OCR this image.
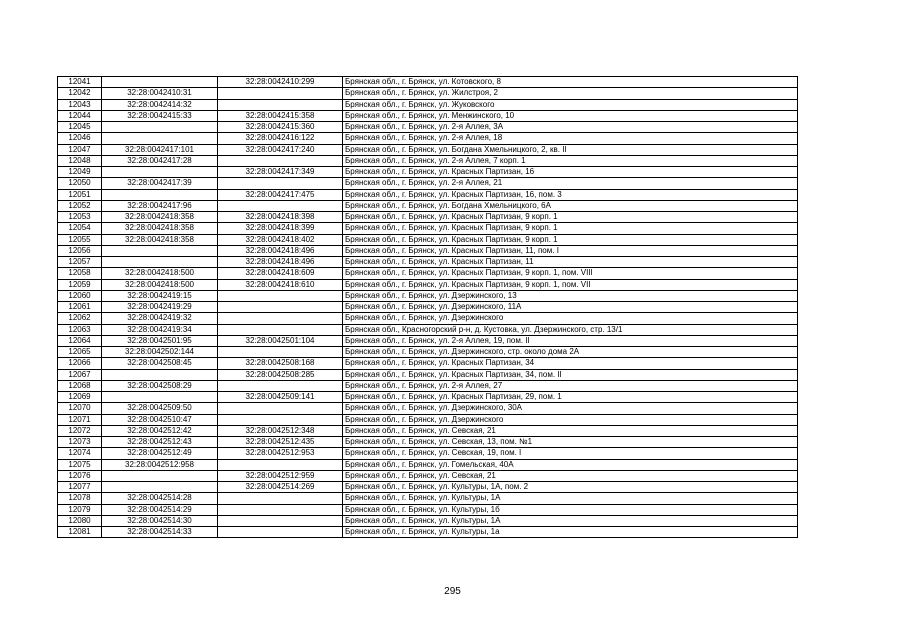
12041		32:28:0042410:299	Брянская обл., г. Брянск, ул. Котовского, 8
12042	32:28:0042410:31		Брянская обл., г. Брянск, ул. Жилстроя, 2
12043	32:28:0042414:32		Брянская обл., г. Брянск, ул. Жуковского
12044	32:28:0042415:33	32:28:0042415:358	Брянская обл., г. Брянск, ул. Менжинского, 10
12045		32:28:0042415:360	Брянская обл., г. Брянск, ул. 2-я Аллея, 3А
12046		32:28:0042416:122	Брянская обл., г. Брянск, ул. 2-я Аллея, 18
12047	32:28:0042417:101	32:28:0042417:240	Брянская обл., г. Брянск, ул. Богдана Хмельницкого, 2, кв. II
12048	32:28:0042417:28		Брянская обл., г. Брянск, ул. 2-я Аллея, 7 корп. 1
12049		32:28:0042417:349	Брянская обл., г. Брянск, ул. Красных Партизан, 16
12050	32:28:0042417:39		Брянская обл., г. Брянск, ул. 2-я Аллея, 21
12051		32:28:0042417:475	Брянская обл., г. Брянск, ул. Красных Партизан, 16, пом. 3
12052	32:28:0042417:96		Брянская обл., г. Брянск, ул. Богдана Хмельницкого, 6А
12053	32:28:0042418:358	32:28:0042418:398	Брянская обл., г. Брянск, ул. Красных Партизан, 9 корп. 1
12054	32:28:0042418:358	32:28:0042418:399	Брянская обл., г. Брянск, ул. Красных Партизан, 9 корп. 1
12055	32:28:0042418:358	32:28:0042418:402	Брянская обл., г. Брянск, ул. Красных Партизан, 9 корп. 1
12056		32:28:0042418:496	Брянская обл., г. Брянск, ул. Красных Партизан, 11, пом. I
12057		32:28:0042418:496	Брянская обл., г. Брянск, ул. Красных Партизан, 11
12058	32:28:0042418:500	32:28:0042418:609	Брянская обл., г. Брянск, ул. Красных Партизан, 9 корп. 1, пом. VIII
12059	32:28:0042418:500	32:28:0042418:610	Брянская обл., г. Брянск, ул. Красных Партизан, 9 корп. 1, пом. VII
12060	32:28:0042419:15		Брянская обл., г. Брянск, ул. Дзержинского, 13
12061	32:28:0042419:29		Брянская обл., г. Брянск, ул. Дзержинского, 11А
12062	32:28:0042419:32		Брянская обл., г. Брянск, ул. Дзержинского
12063	32:28:0042419:34		Брянская обл., Красногорский р-н, д. Кустовка, ул. Дзержинского, стр. 13/1
12064	32:28:0042501:95	32:28:0042501:104	Брянская обл., г. Брянск, ул. 2-я Аллея, 19, пом. II
12065	32:28:0042502:144		Брянская обл., г. Брянск, ул. Дзержинского, стр. около дома 2А
12066	32:28:0042508:45	32:28:0042508:168	Брянская обл., г. Брянск, ул. Красных Партизан, 34
12067		32:28:0042508:285	Брянская обл., г. Брянск, ул. Красных Партизан, 34, пом. II
12068	32:28:0042508:29		Брянская обл., г. Брянск, ул. 2-я Аллея, 27
12069		32:28:0042509:141	Брянская обл., г. Брянск, ул. Красных Партизан, 29, пом. 1
12070	32:28:0042509:50		Брянская обл., г. Брянск, ул. Дзержинского, 30А
12071	32:28:0042510:47		Брянская обл., г. Брянск, ул. Дзержинского
12072	32:28:0042512:42	32:28:0042512:348	Брянская обл., г. Брянск, ул. Севская, 21
12073	32:28:0042512:43	32:28:0042512:435	Брянская обл., г. Брянск, ул. Севская, 13, пом. №1
12074	32:28:0042512:49	32:28:0042512:953	Брянская обл., г. Брянск, ул. Севская, 19, пом. I
12075	32:28:0042512:958		Брянская обл., г. Брянск, ул. Гомельская, 40А
12076		32:28:0042512:959	Брянская обл., г. Брянск, ул. Севская, 21
12077		32:28:0042514:269	Брянская обл., г. Брянск, ул. Культуры, 1А, пом. 2
12078	32:28:0042514:28		Брянская обл., г. Брянск, ул. Культуры, 1А
12079	32:28:0042514:29		Брянская обл., г. Брянск, ул. Культуры, 1б
12080	32:28:0042514:30		Брянская обл., г. Брянск, ул. Культуры, 1А
12081	32:28:0042514:33		Брянская обл., г. Брянск, ул. Культуры, 1а
295
